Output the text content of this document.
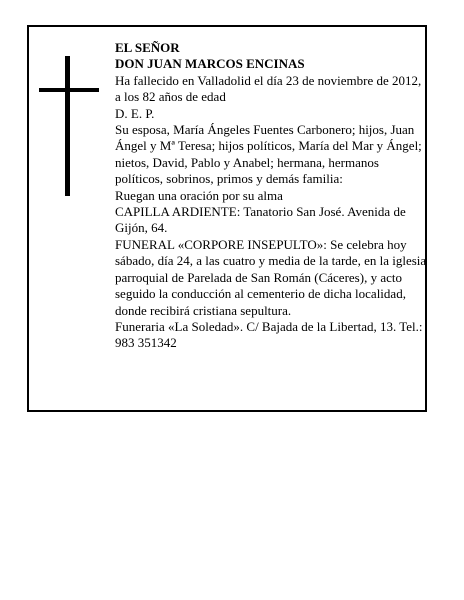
EL SEÑOR

DON JUAN MARCOS ENCINAS

Ha fallecido en Valladolid el día 23 de noviembre de 2012, a los 82 años de edad

D. E. P.

Su esposa, María Ángeles Fuentes Carbonero; hijos, Juan Ángel y Mª Teresa; hijos políticos, María del Mar y Ángel; nietos, David, Pablo y Anabel; hermana, hermanos políticos, sobrinos, primos y demás familia:

Ruegan una oración por su alma

CAPILLA ARDIENTE: Tanatorio San José. Avenida de Gijón, 64.

FUNERAL «CORPORE INSEPULTO»: Se celebra hoy sábado, día 24, a las cuatro y media de la tarde, en la iglesia parroquial de Parelada de San Román (Cáceres), y acto seguido la conducción al cementerio de dicha localidad, donde recibirá cristiana sepultura.

Funeraria «La Soledad». C/ Bajada de la Libertad, 13. Tel.: 983 351342
